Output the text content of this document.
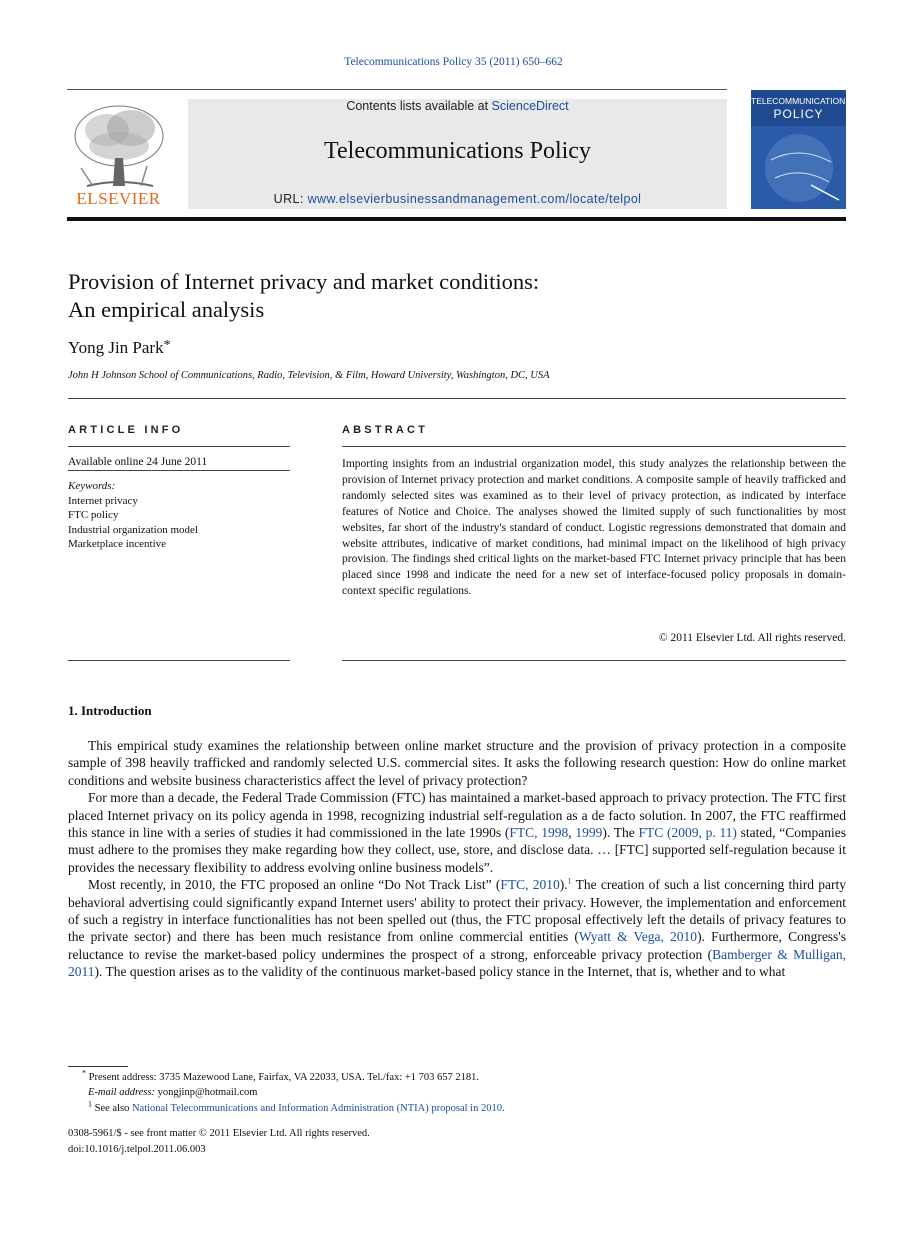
Telecommunications Policy 35 (2011) 650–662
ELSEVIER
Contents lists available at ScienceDirect
Telecommunications Policy
URL: www.elsevierbusinessandmanagement.com/locate/telpol
TELECOMMUNICATIONS
POLICY
Provision of Internet privacy and market conditions:
An empirical analysis
Yong Jin Park*
John H Johnson School of Communications, Radio, Television, & Film, Howard University, Washington, DC, USA
ARTICLE INFO
Available online 24 June 2011
Keywords:
Internet privacy
FTC policy
Industrial organization model
Marketplace incentive
ABSTRACT
Importing insights from an industrial organization model, this study analyzes the relationship between the provision of Internet privacy protection and market conditions. A composite sample of heavily trafficked and randomly selected sites was examined as to their level of privacy protection, as indicated by interface features of Notice and Choice. The analyses showed the limited supply of such functionalities by most websites, far short of the industry's standard of conduct. Logistic regressions demonstrated that domain and website attributes, indicative of market conditions, had minimal impact on the likelihood of high privacy provision. The findings shed critical lights on the market-based FTC Internet privacy principle that has been placed since 1998 and indicate the need for a new set of interface-focused policy proposals in domain-context specific regulations.
© 2011 Elsevier Ltd. All rights reserved.
1. Introduction

This empirical study examines the relationship between online market structure and the provision of privacy protection in a composite sample of 398 heavily trafficked and randomly selected U.S. commercial sites. It asks the following research question: How do online market conditions and website business characteristics affect the level of privacy protection?

For more than a decade, the Federal Trade Commission (FTC) has maintained a market-based approach to privacy protection. The FTC first placed Internet privacy on its policy agenda in 1998, recognizing industrial self-regulation as a de facto solution. In 2007, the FTC reaffirmed this stance in line with a series of studies it had commissioned in the late 1990s (FTC, 1998, 1999). The FTC (2009, p. 11) stated, “Companies must adhere to the promises they make regarding how they collect, use, store, and disclose data. … [FTC] supported self-regulation because it provides the necessary flexibility to address evolving online business models”.

Most recently, in 2010, the FTC proposed an online “Do Not Track List” (FTC, 2010).$^1$ The creation of such a list concerning third party behavioral advertising could significantly expand Internet users' ability to protect their privacy. However, the implementation and enforcement of such a registry in interface functionalities has not been spelled out (thus, the FTC proposal effectively left the details of privacy features to the private sector) and there has been much resistance from online commercial entities (Wyatt & Vega, 2010). Furthermore, Congress's reluctance to revise the market-based policy undermines the prospect of a strong, enforceable privacy protection (Bamberger & Mulligan, 2011). The question arises as to the validity of the continuous market-based policy stance in the Internet, that is, whether and to what

* Present address: 3735 Mazewood Lane, Fairfax, VA 22033, USA. Tel./fax: +1 703 657 2181.
E-mail address: yongjinp@hotmail.com
$^1$ See also National Telecommunications and Information Administration (NTIA) proposal in 2010.
0308-5961/$ - see front matter © 2011 Elsevier Ltd. All rights reserved.
doi:10.1016/j.telpol.2011.06.003
